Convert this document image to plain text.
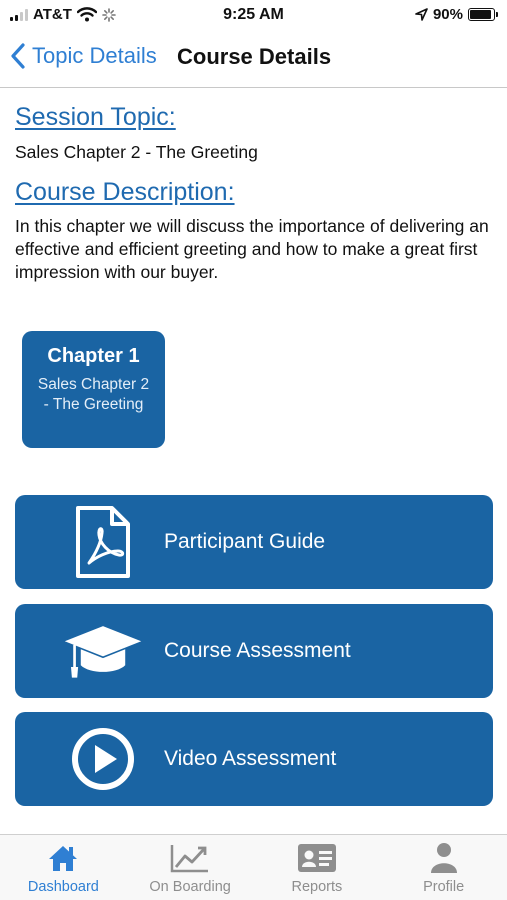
AT&T	9:25 AM	90%
Topic Details Course Details
Session Topic:
Sales Chapter 2 - The Greeting
Course Description:
In this chapter we will discuss the importance of delivering an effective and efficient greeting and how to make a great first impression with our buyer.
Chapter 1
Sales Chapter 2 - The Greeting
Participant Guide
Course Assessment
Video Assessment
Dashboard	On Boarding	Reports	Profile
